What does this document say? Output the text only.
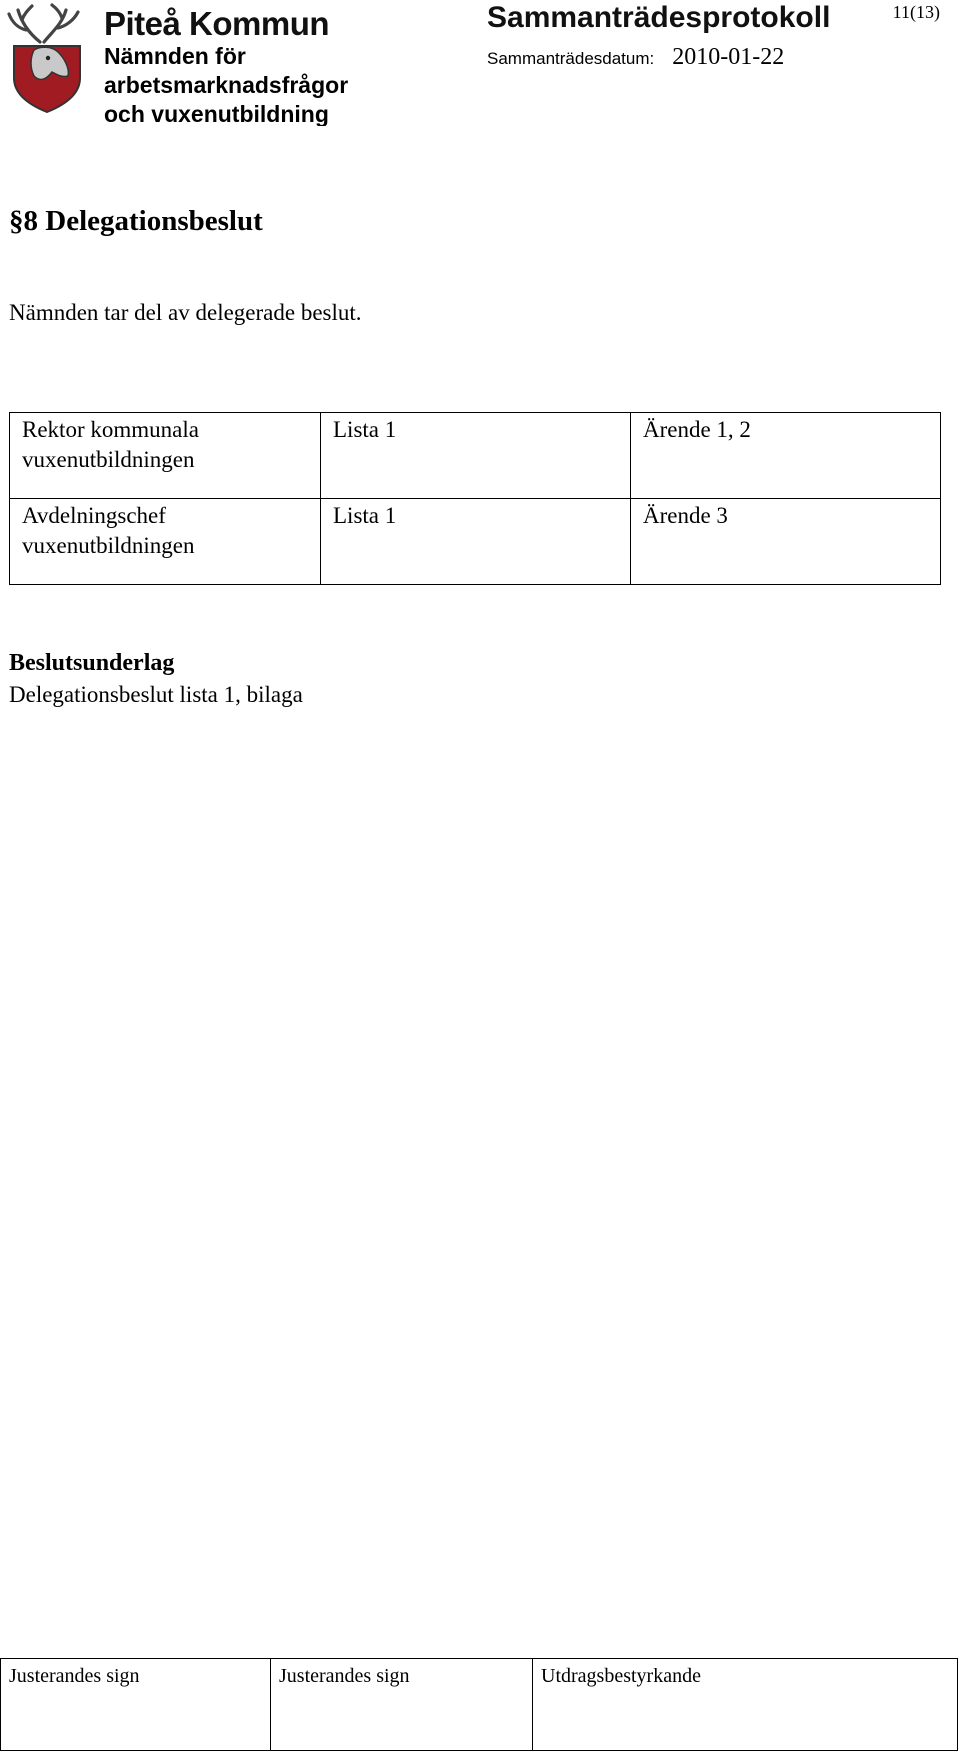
Piteå Kommun
Nämnden för
arbetsmarknadsfrågor
och vuxenutbildning
Sammanträdesprotokoll	11(13)
Sammanträdesdatum: 2010-01-22
§8 Delegationsbeslut

Nämnden tar del av delegerade beslut.

Rektor kommunala vuxenutbildningen	Lista 1	Ärende 1, 2
Avdelningschef vuxenutbildningen	Lista 1	Ärende 3
Beslutsunderlag

Delegationsbeslut lista 1, bilaga

Justerandes sign	Justerandes sign	Utdragsbestyrkande
